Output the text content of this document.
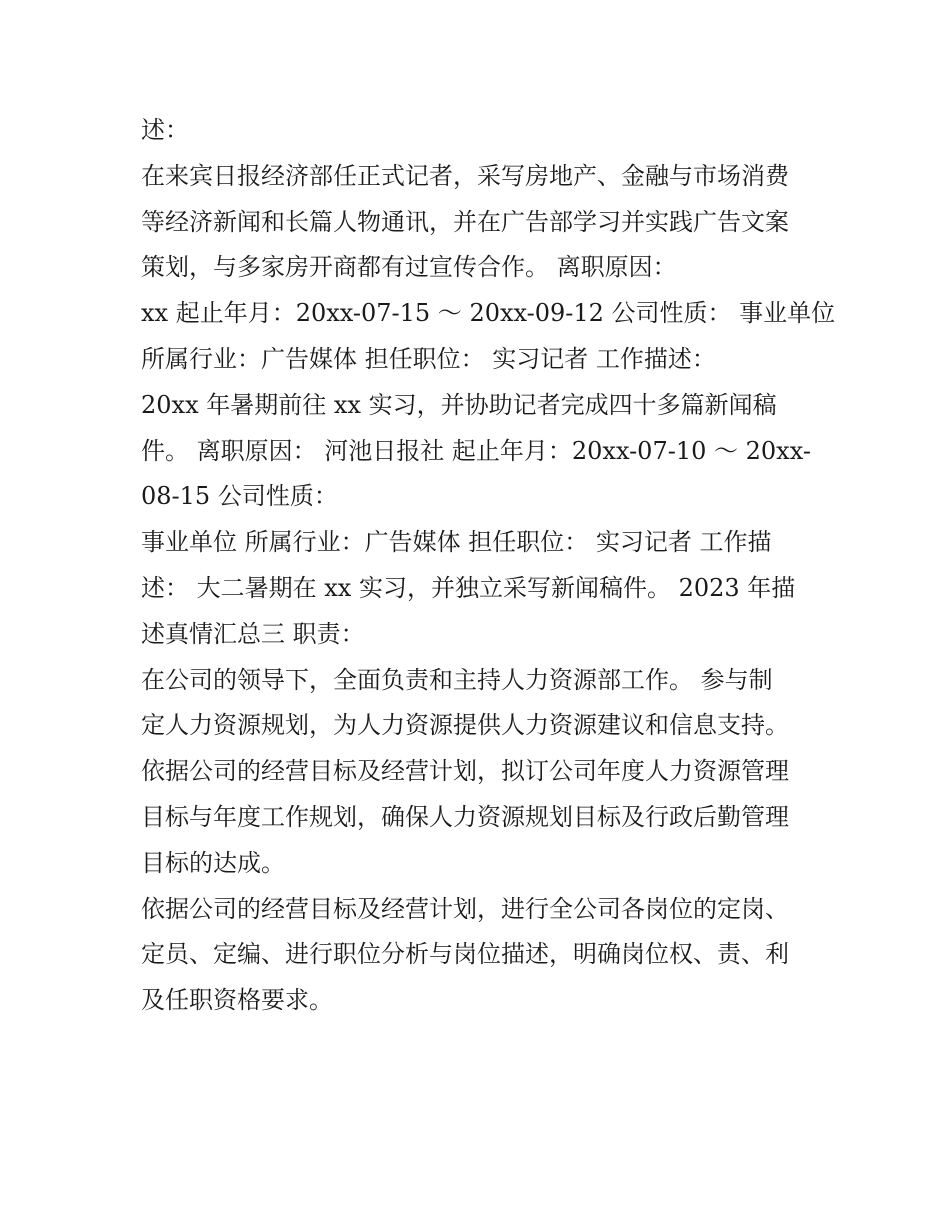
述：
在来宾日报经济部任正式记者，采写房地产、金融与市场消费
等经济新闻和长篇人物通讯，并在广告部学习并实践广告文案
策划，与多家房开商都有过宣传合作。 离职原因：
xx 起止年月：20xx-07-15 ～ 20xx-09-12 公司性质： 事业单位
所属行业：广告媒体 担任职位： 实习记者 工作描述：
20xx 年暑期前往 xx 实习，并协助记者完成四十多篇新闻稿
件。 离职原因： 河池日报社 起止年月：20xx-07-10 ～ 20xx-
08-15 公司性质：
事业单位 所属行业：广告媒体 担任职位： 实习记者 工作描
述： 大二暑期在 xx 实习，并独立采写新闻稿件。 2023 年描
述真情汇总三 职责：
在公司的领导下，全面负责和主持人力资源部工作。 参与制
定人力资源规划，为人力资源提供人力资源建议和信息支持。
依据公司的经营目标及经营计划，拟订公司年度人力资源管理
目标与年度工作规划，确保人力资源规划目标及行政后勤管理
目标的达成。
依据公司的经营目标及经营计划，进行全公司各岗位的定岗、
定员、定编、进行职位分析与岗位描述，明确岗位权、责、利
及任职资格要求。
